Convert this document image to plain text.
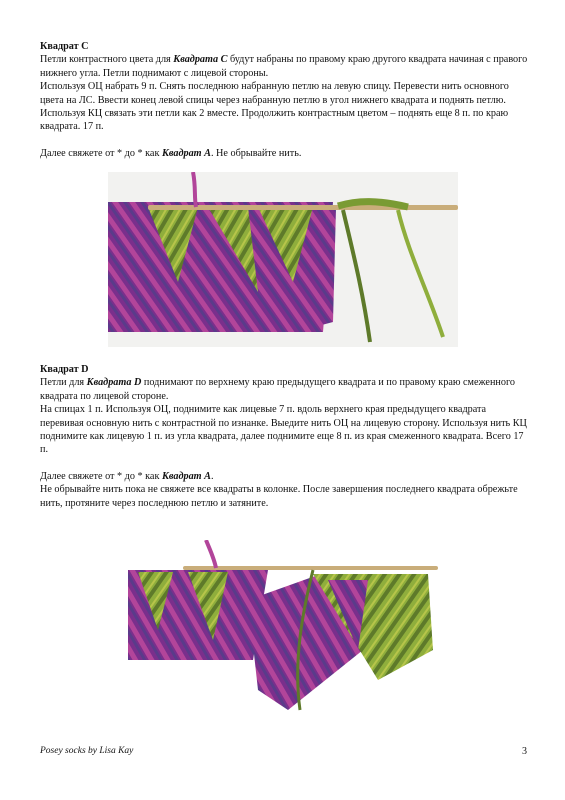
Квадрат C
Петли контрастного цвета для Квадрата C будут набраны по правому краю другого квадрата начиная с правого нижнего угла. Петли поднимают с лицевой стороны.
Используя ОЦ набрать 9 п. Снять последнюю набранную петлю на левую спицу. Перевести нить основного цвета на ЛС. Ввести конец левой спицы через набранную петлю в угол нижнего квадрата и поднять петлю. Используя КЦ связать эти петли как 2 вместе. Продолжить контрастным цветом – поднять еще 8 п. по краю квадрата. 17 п.
Далее свяжете от * до * как Квадрат А. Не обрывайте нить.
Квадрат D
Петли для Квадрата D поднимают по верхнему краю предыдущего квадрата и по правому краю смеженного квадрата по лицевой стороне.
На спицах 1 п. Используя ОЦ, поднимите как лицевые 7 п. вдоль верхнего края предыдущего квадрата перевивая основную нить с контрастной по изнанке. Выедите нить ОЦ на лицевую сторону. Используя нить КЦ поднимите как лицевую 1 п. из угла квадрата, далее поднимите еще 8 п. из края смеженного квадрата. Всего 17 п.
Далее свяжете от * до * как Квадрат А.
Не обрывайте нить пока не свяжете все квадраты в колонке. После завершения последнего квадрата обрежьте нить, протяните через последнюю петлю и затяните.
Posey socks by Lisa Kay	3
